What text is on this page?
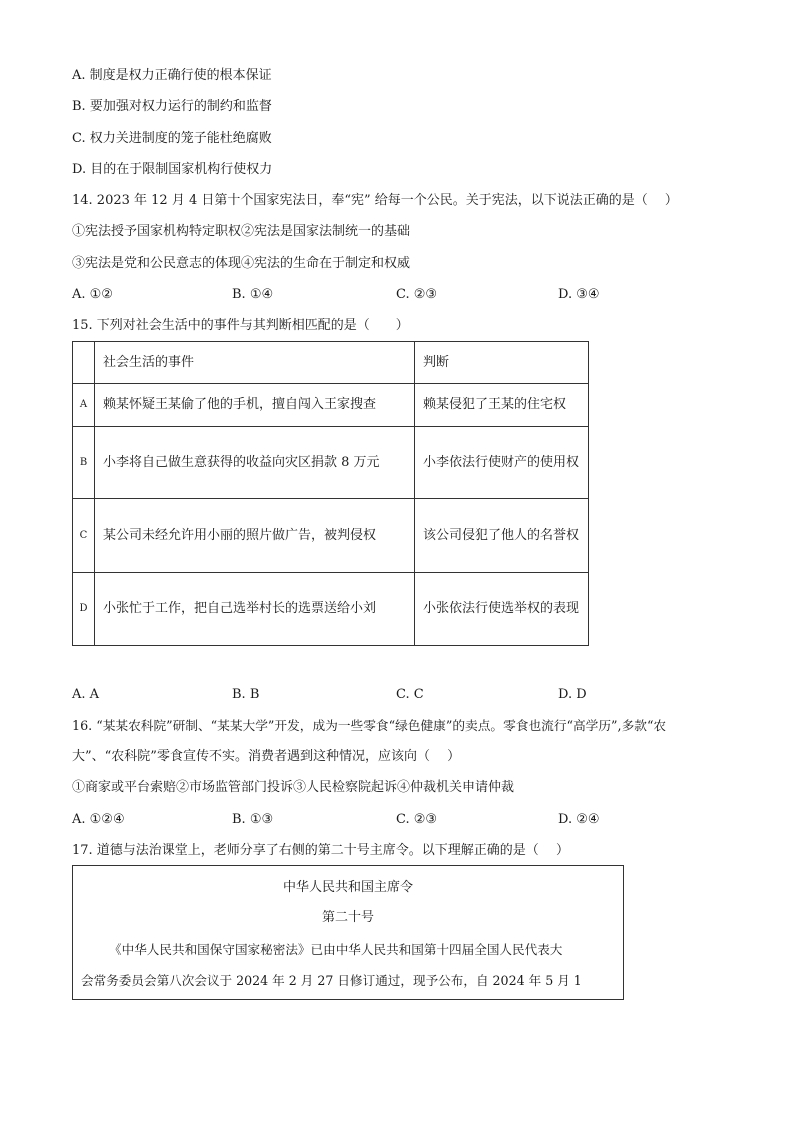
A. 制度是权力正确行使的根本保证
B. 要加强对权力运行的制约和监督
C. 权力关进制度的笼子能杜绝腐败
D. 目的在于限制国家机构行使权力
14. 2023 年 12 月 4 日第十个国家宪法日，奉“宪” 给每一个公民。关于宪法，以下说法正确的是（　 ）
①宪法授予国家机构特定职权②宪法是国家法制统一的基础
③宪法是党和公民意志的体现④宪法的生命在于制定和权威
A. ①②	B. ①④	C. ②③	D. ③④
15. 下列对社会生活中的事件与其判断相匹配的是（　　）
	社会生活的事件	判断
A	赖某怀疑王某偷了他的手机，擅自闯入王家搜查	赖某侵犯了王某的住宅权
B	小李将自己做生意获得的收益向灾区捐款 8 万元	小李依法行使财产的使用权
C	某公司未经允许用小丽的照片做广告，被判侵权	该公司侵犯了他人的名誉权
D	小张忙于工作，把自己选举村长的选票送给小刘	小张依法行使选举权的表现
A. A	B. B	C. C	D. D
16. “某某农科院”研制、“某某大学”开发，成为一些零食“绿色健康”的卖点。零食也流行“高学历”,多款“农
大”、“农科院”零食宣传不实。消费者遇到这种情况，应该向（　 ）
①商家或平台索赔②市场监管部门投诉③人民检察院起诉④仲裁机关申请仲裁
A. ①②④	B. ①③	C. ②③	D. ②④
17. 道德与法治课堂上，老师分享了右侧的第二十号主席令。以下理解正确的是（　 ）
中华人民共和国主席令
第二十号
《中华人民共和国保守国家秘密法》已由中华人民共和国第十四届全国人民代表大
会常务委员会第八次会议于 2024 年 2 月 27 日修订通过，现予公布，自 2024 年 5 月 1
